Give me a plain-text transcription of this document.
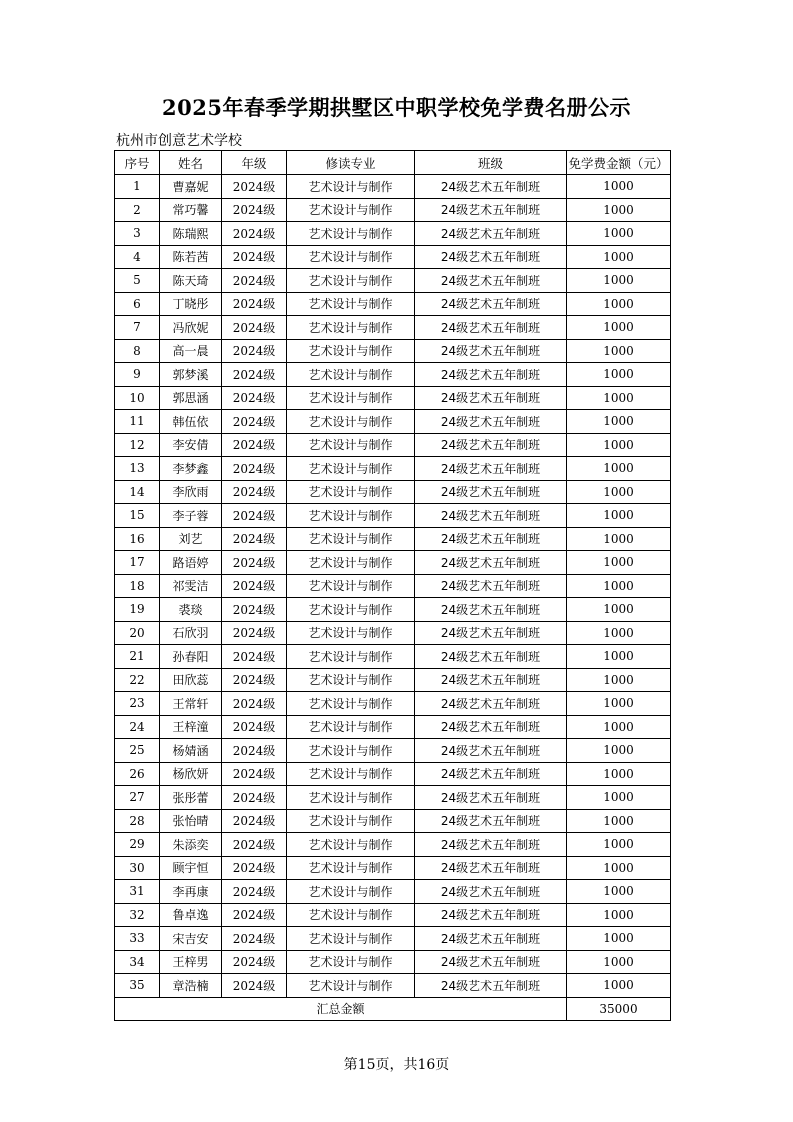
2025年春季学期拱墅区中职学校免学费名册公示
杭州市创意艺术学校
序号	姓名	年级	修读专业	班级	免学费金额（元）
1	曹嘉妮	2024级	艺术设计与制作	24级艺术五年制班	1000
2	常巧馨	2024级	艺术设计与制作	24级艺术五年制班	1000
3	陈瑞熙	2024级	艺术设计与制作	24级艺术五年制班	1000
4	陈若茜	2024级	艺术设计与制作	24级艺术五年制班	1000
5	陈天琦	2024级	艺术设计与制作	24级艺术五年制班	1000
6	丁晓彤	2024级	艺术设计与制作	24级艺术五年制班	1000
7	冯欣妮	2024级	艺术设计与制作	24级艺术五年制班	1000
8	高一晨	2024级	艺术设计与制作	24级艺术五年制班	1000
9	郭梦溪	2024级	艺术设计与制作	24级艺术五年制班	1000
10	郭思涵	2024级	艺术设计与制作	24级艺术五年制班	1000
11	韩伍依	2024级	艺术设计与制作	24级艺术五年制班	1000
12	李安倩	2024级	艺术设计与制作	24级艺术五年制班	1000
13	李梦鑫	2024级	艺术设计与制作	24级艺术五年制班	1000
14	李欣雨	2024级	艺术设计与制作	24级艺术五年制班	1000
15	李子蓉	2024级	艺术设计与制作	24级艺术五年制班	1000
16	刘艺	2024级	艺术设计与制作	24级艺术五年制班	1000
17	路语婷	2024级	艺术设计与制作	24级艺术五年制班	1000
18	祁雯洁	2024级	艺术设计与制作	24级艺术五年制班	1000
19	裘琰	2024级	艺术设计与制作	24级艺术五年制班	1000
20	石欣羽	2024级	艺术设计与制作	24级艺术五年制班	1000
21	孙春阳	2024级	艺术设计与制作	24级艺术五年制班	1000
22	田欣蕊	2024级	艺术设计与制作	24级艺术五年制班	1000
23	王常轩	2024级	艺术设计与制作	24级艺术五年制班	1000
24	王梓潼	2024级	艺术设计与制作	24级艺术五年制班	1000
25	杨婧涵	2024级	艺术设计与制作	24级艺术五年制班	1000
26	杨欣妍	2024级	艺术设计与制作	24级艺术五年制班	1000
27	张彤蕾	2024级	艺术设计与制作	24级艺术五年制班	1000
28	张怡晴	2024级	艺术设计与制作	24级艺术五年制班	1000
29	朱添奕	2024级	艺术设计与制作	24级艺术五年制班	1000
30	顾宇恒	2024级	艺术设计与制作	24级艺术五年制班	1000
31	李再康	2024级	艺术设计与制作	24级艺术五年制班	1000
32	鲁卓逸	2024级	艺术设计与制作	24级艺术五年制班	1000
33	宋吉安	2024级	艺术设计与制作	24级艺术五年制班	1000
34	王梓男	2024级	艺术设计与制作	24级艺术五年制班	1000
35	章浩楠	2024级	艺术设计与制作	24级艺术五年制班	1000
汇总金额					35000
第15页，共16页
